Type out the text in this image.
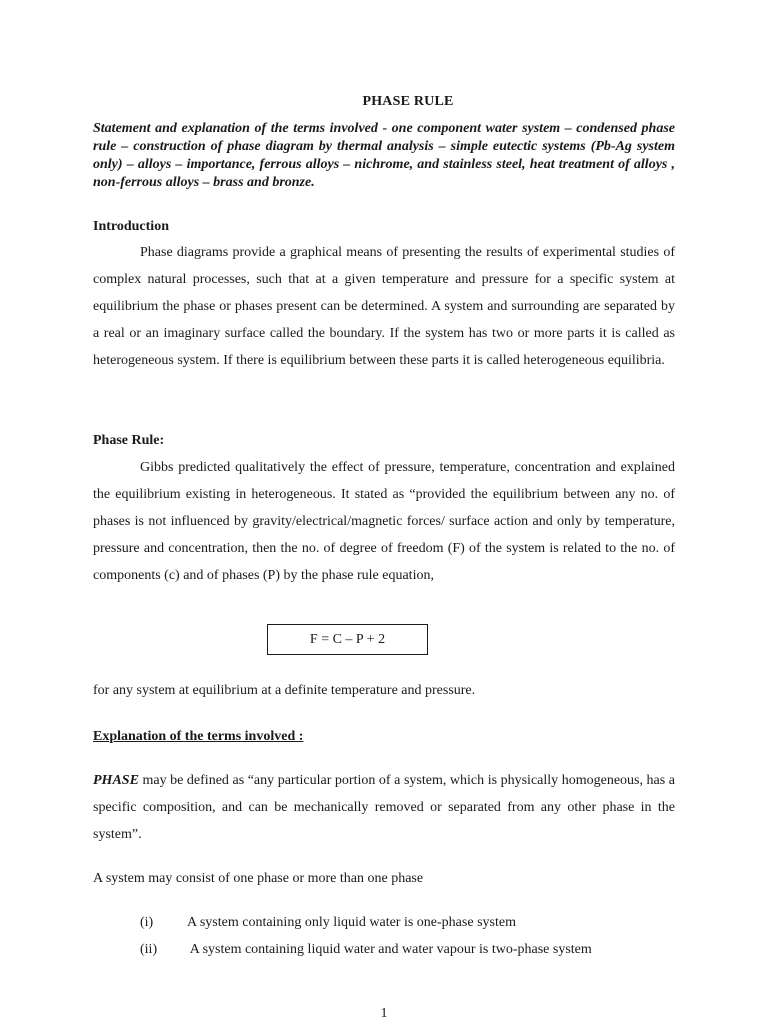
PHASE RULE

Statement and explanation of the terms involved - one component water system – condensed phase rule – construction of phase diagram by thermal analysis – simple eutectic systems (Pb-Ag system only) – alloys – importance, ferrous alloys – nichrome, and stainless steel, heat treatment of alloys , non-ferrous alloys – brass and bronze.

Introduction

Phase diagrams provide a graphical means of presenting the results of experimental studies of complex natural processes, such that at a given temperature and pressure for a specific system at equilibrium the phase or phases present can be determined. A system and surrounding are separated by a real or an imaginary surface called the boundary. If the system has two or more parts it is called as heterogeneous system. If there is equilibrium between these parts it is called heterogeneous equilibria.

Phase Rule:

Gibbs predicted qualitatively the effect of pressure, temperature, concentration and explained the equilibrium existing in heterogeneous. It stated as “provided the equilibrium between any no. of phases is not influenced by gravity/electrical/magnetic forces/ surface action and only by temperature, pressure and concentration, then the no. of degree of freedom (F) of the system is related to the no. of components (c) and of phases (P) by the phase rule equation,

F = C – P + 2

for any system at equilibrium at a definite temperature and pressure.

Explanation of the terms involved :

PHASE may be defined as “any particular portion of a system, which is physically homogeneous, has a specific composition, and can be mechanically removed or separated from any other phase in the system”.

A system may consist of one phase or more than one phase

(i)	A system containing only liquid water is one-phase system

(ii)	A system containing liquid water and water vapour is two-phase system

1
